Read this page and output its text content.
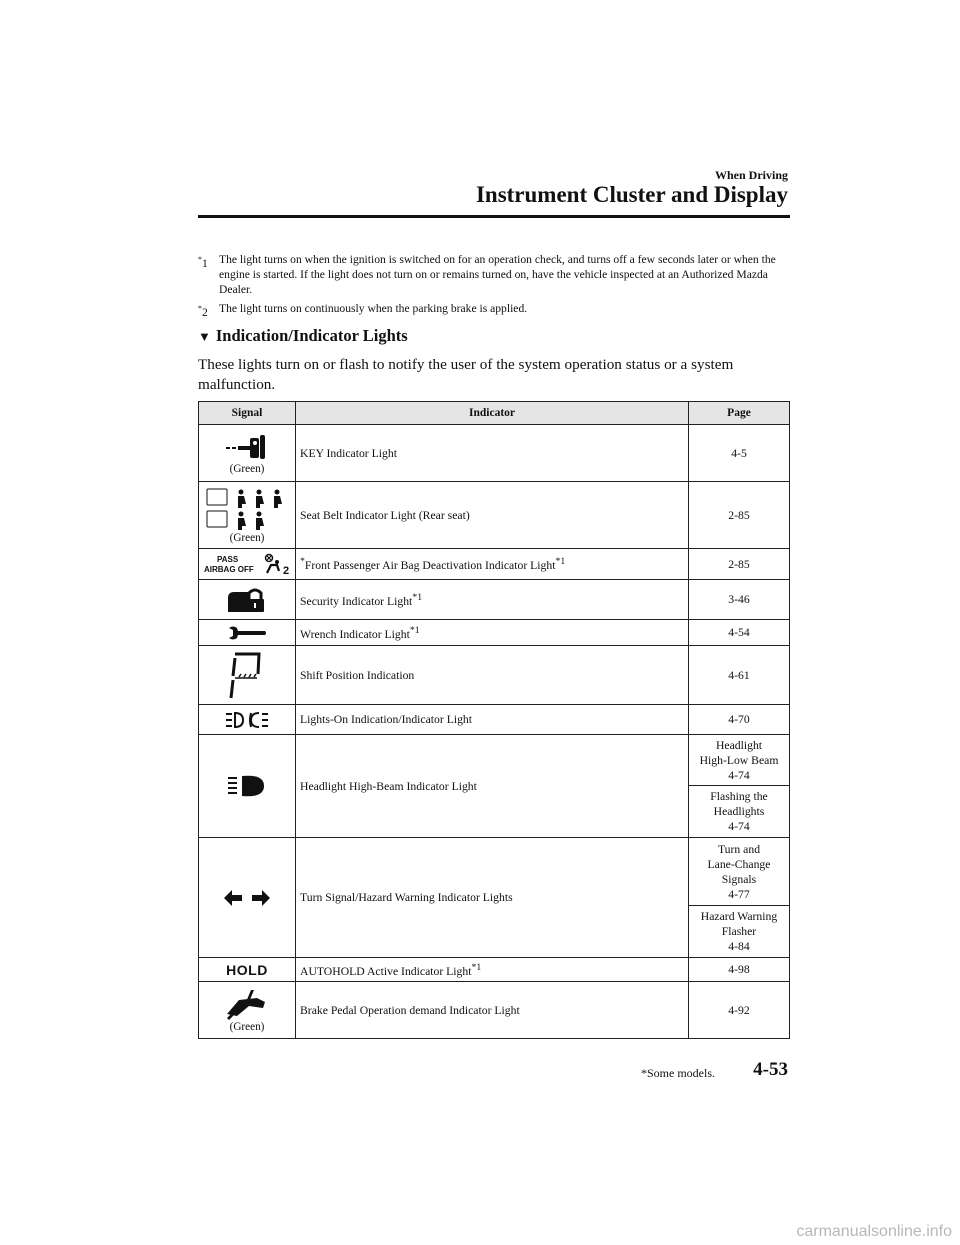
When Driving
Instrument Cluster and Display
*1 The light turns on when the ignition is switched on for an operation check, and turns off a few seconds later or when the engine is started. If the light does not turn on or remains turned on, have the vehicle inspected at an Authorized Mazda Dealer.
*2 The light turns on continuously when the parking brake is applied.
▼ Indication/Indicator Lights

These lights turn on or flash to notify the user of the system operation status or a system malfunction.

Signal	Indicator	Page

(Green)	KEY Indicator Light	4-5

(Green)	Seat Belt Indicator Light (Rear seat)	2-85

PASS
AIRBAG OFF 2	*Front Passenger Air Bag Deactivation Indicator Light$^{*1}$	2-85

	Security Indicator Light$^{*1}$	3-46

	Wrench Indicator Light$^{*1}$	4-54

	Shift Position Indication	4-61

	Lights-On Indication/Indicator Light	4-70

	Headlight High-Beam Indicator Light	Headlight
High-Low Beam
4-74
		Flashing the
Headlights
4-74

	Turn Signal/Hazard Warning Indicator Lights	Turn and
Lane-Change
Signals
4-77
		Hazard Warning
Flasher
4-84
HOLD	AUTOHOLD Active Indicator Light$^{*1}$	4-98

(Green)	Brake Pedal Operation demand Indicator Light	4-92
*Some models. 4-53
carmanualsonline.info
